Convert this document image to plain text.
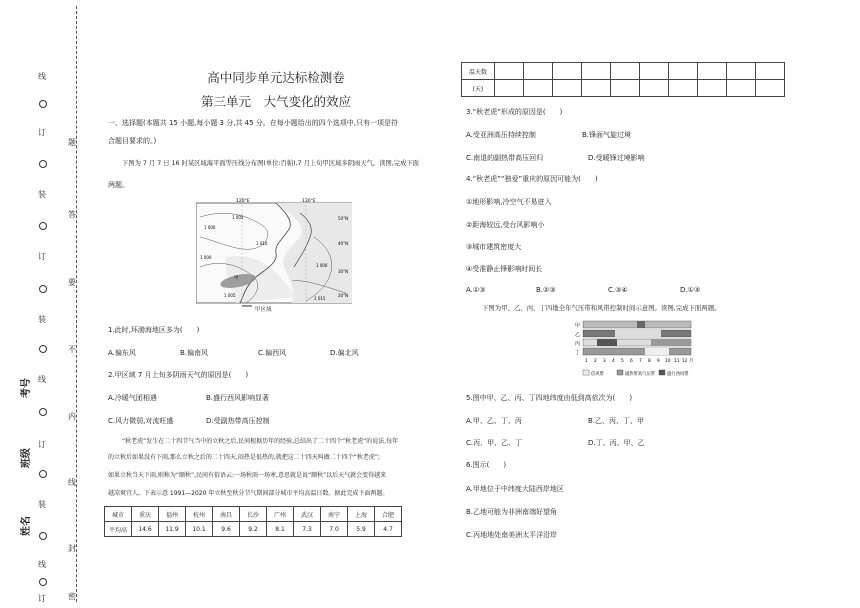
线
订
装
订
装
线
订
装
线
订
题
答
要
不
内
线
封
密
考号
班级
姓名
高中同步单元达标检测卷
第三单元　大气变化的效应
一、选择题(本题共 15 小题,每小题 3 分,共 45 分。在每小题给出的四个选项中,只有一项是符
合题目要求的。)
下图为 7 月 7 日 16 时某区域海平面等压线分布图(单位:百帕),7 月上旬甲区域多阴雨天气。读图,完成下面
两题。
120°E	130°E
50°N
40°N
30°N
20°N
1 000
1 005
1 000
1 010
1 000
1 005
1 015
甲
甲区域
1.此时,环渤海地区多为(　　)
A.偏东风	B.偏南风	C.偏西风	D.偏北风
2.甲区域 7 月上旬多阴雨天气的原因是(　　)
A.冷暖气团相遇	B.盛行西风影响显著
C.风力微弱,对流旺盛	D.受副热带高压控制
“秋老虎”发生在二十四节气当中的立秋之后,民间根据历年的经验,总结出了二十四个“秋老虎”的说法,每年
的立秋后如果没有下雨,那么立秋之后的二十四天,闷热是很热的,就把这二十四天叫做二十四个“秋老虎”;
如果立秋当天下雨,则称为“顺秋”,民间有俗语云:一场秋雨一场寒,意思就是说“顺秋”以后天气就会变得越来
越凉爽宜人。下表示意 1991—2020 年立秋至秋分节气期间部分城市平均高温日数。据此完成下面两题。
城市	重庆	福州	杭州	南昌	长沙	广州	武汉	南宁	上海	合肥
平均高	14.6	11.9	10.1	9.6	9.2	8.1	7.3	7.0	5.9	4.7
温天数										
(天)										
3.“秋老虎”形成的原因是(　　)
A.受亚洲高压持续控制	B.锋面气旋过境
C.南退的副热带高压回归	D.受暖锋过境影响
4.“秋老虎”“独爱”重庆的原因可能为(　　)
①地形影响,冷空气不易进入
②距海较远,受台风影响小
③城市建筑密度大
④受准静止锋影响时间长
A.①③	B.②③	C.③④	D.①③
下图为甲、乙、丙、丁四地全年气压带和风带控制时间示意图。读图,完成下面两题。
甲
乙
丙
丁
1 2 3 4 5 6 7 8 9 10 11 12 月
信风带	副热带高气压带	盛行西风带
5.图中甲、乙、丙、丁四地纬度由低到高依次为(　　)
A.甲、乙、丁、丙	B.乙、丙、丁、甲
C.丙、甲、乙、丁	D.丁、丙、甲、乙
6.图示(　　)
A.甲地位于中纬度大陆西岸地区
B.乙地可能为非洲南端好望角
C.丙地地处南美洲太平洋沿岸
